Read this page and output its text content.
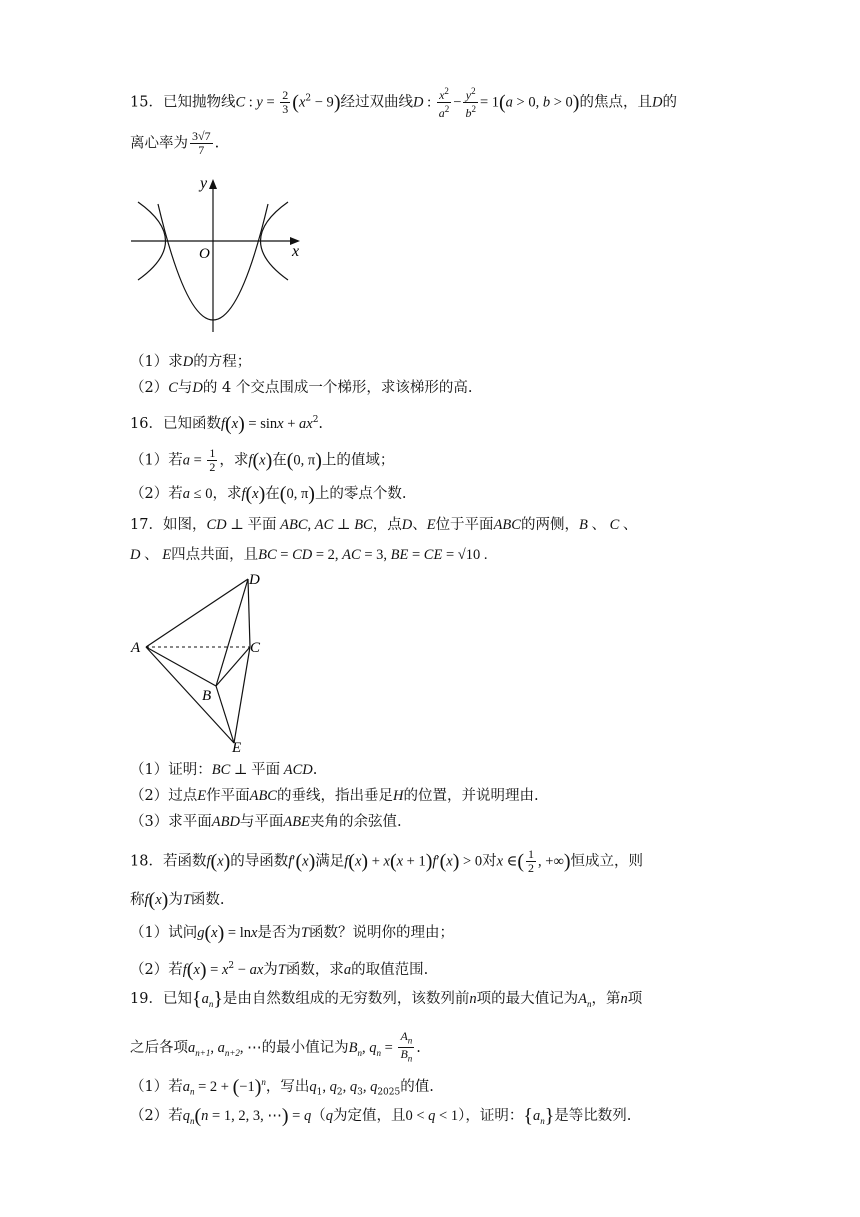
15．已知抛物线C : $y = \frac{2}{3} (x^2 - 9)$经过双曲线D : $\frac{x^2}{a^2} - \frac{y^2}{b^2} = 1(a > 0$, b > 0)的焦点，且D的
离心率为 $\frac{3√7}{7}$ .
x
y
O
（1）求D的方程；
（2）C与D的 4 个交点围成一个梯形，求该梯形的高.
16．已知函数$f(x) = \sin x + ax^2$.
（1）若$a = \frac{1}{2}$ ，求f(x)在(0, π)上的值域；
（2）若a ≤ 0，求f(x)在(0, π)上的零点个数.
17．如图，CD ⊥ 平面 ABC, AC ⊥ BC，点D、E位于平面ABC的两侧，B 、 C 、
D 、 E四点共面，且BC = CD = 2, AC = 3, BE = CE = √10 .
D
A	C
B
E
（1）证明：BC ⊥ 平面 ACD.
（2）过点E作平面ABC的垂线，指出垂足H的位置，并说明理由.
（3）求平面ABD与平面ABE夹角的余弦值.
18．若函数f(x)的导函数f′(x)满足f(x) + x(x + 1)f′(x) > 0对x ∈( $\frac{1}{2}$ , +∞)恒成立，则
称f(x)为T函数.
（1）试问g(x) = lnx是否为T函数？说明你的理由；
（2）若$f(x) = x^2$ − ax为T函数，求a的取值范围.
19．已知$\{a_n\}$是由自然数组成的无穷数列，该数列前n项的最大值记为$A_n$，第n项
之后各项$a_{n+1}$, $a_{n+2}$, ⋯的最小值记为$B_n$, $q_n = \frac{A_n}{B_n}$ .
（1）若$a_n = 2 + (-1)^n$，写出$q_1$, $q_2$, $q_3$, $q_{2025}$的值.
（2）若$q_n(n = 1$, 2, 3, ⋯) = q（q为定值，且0 < q < 1），证明：$\{a_n\}$是等比数列.
